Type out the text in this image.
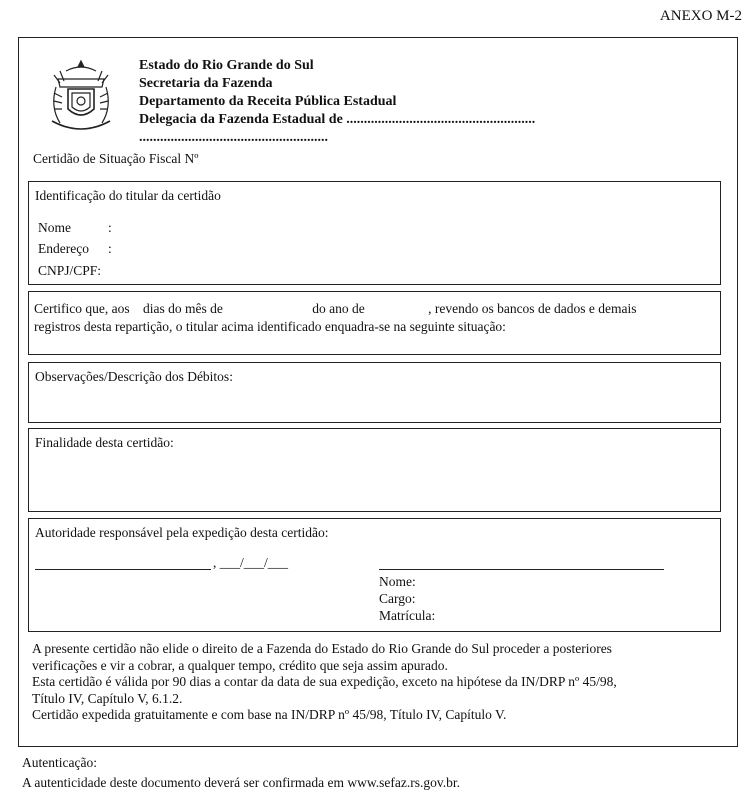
ANEXO M-2
Estado do Rio Grande do Sul
Secretaria da Fazenda
Departamento da Receita Pública Estadual
Delegacia da Fazenda Estadual de ......................................................
......................................................
Certidão de Situação Fiscal Nº
Identificação do titular da certidão
Nome	:
Endereço :
CNPJ/CPF:
Certifico que, aos dias do mês de	do ano de	, revendo os bancos de dados e demais
registros desta repartição, o titular acima identificado enquadra-se na seguinte situação:
Observações/Descrição dos Débitos:
Finalidade desta certidão:
Autoridade responsável pela expedição desta certidão:
, ___/___/___
Nome:
Cargo:
Matrícula:
A presente certidão não elide o direito de a Fazenda do Estado do Rio Grande do Sul proceder a posteriores
verificações e vir a cobrar, a qualquer tempo, crédito que seja assim apurado.
Esta certidão é válida por 90 dias a contar da data de sua expedição, exceto na hipótese da IN/DRP nº 45/98,
Título IV, Capítulo V, 6.1.2.
Certidão expedida gratuitamente e com base na IN/DRP nº 45/98, Título IV, Capítulo V.
Autenticação:
A autenticidade deste documento deverá ser confirmada em www.sefaz.rs.gov.br.
